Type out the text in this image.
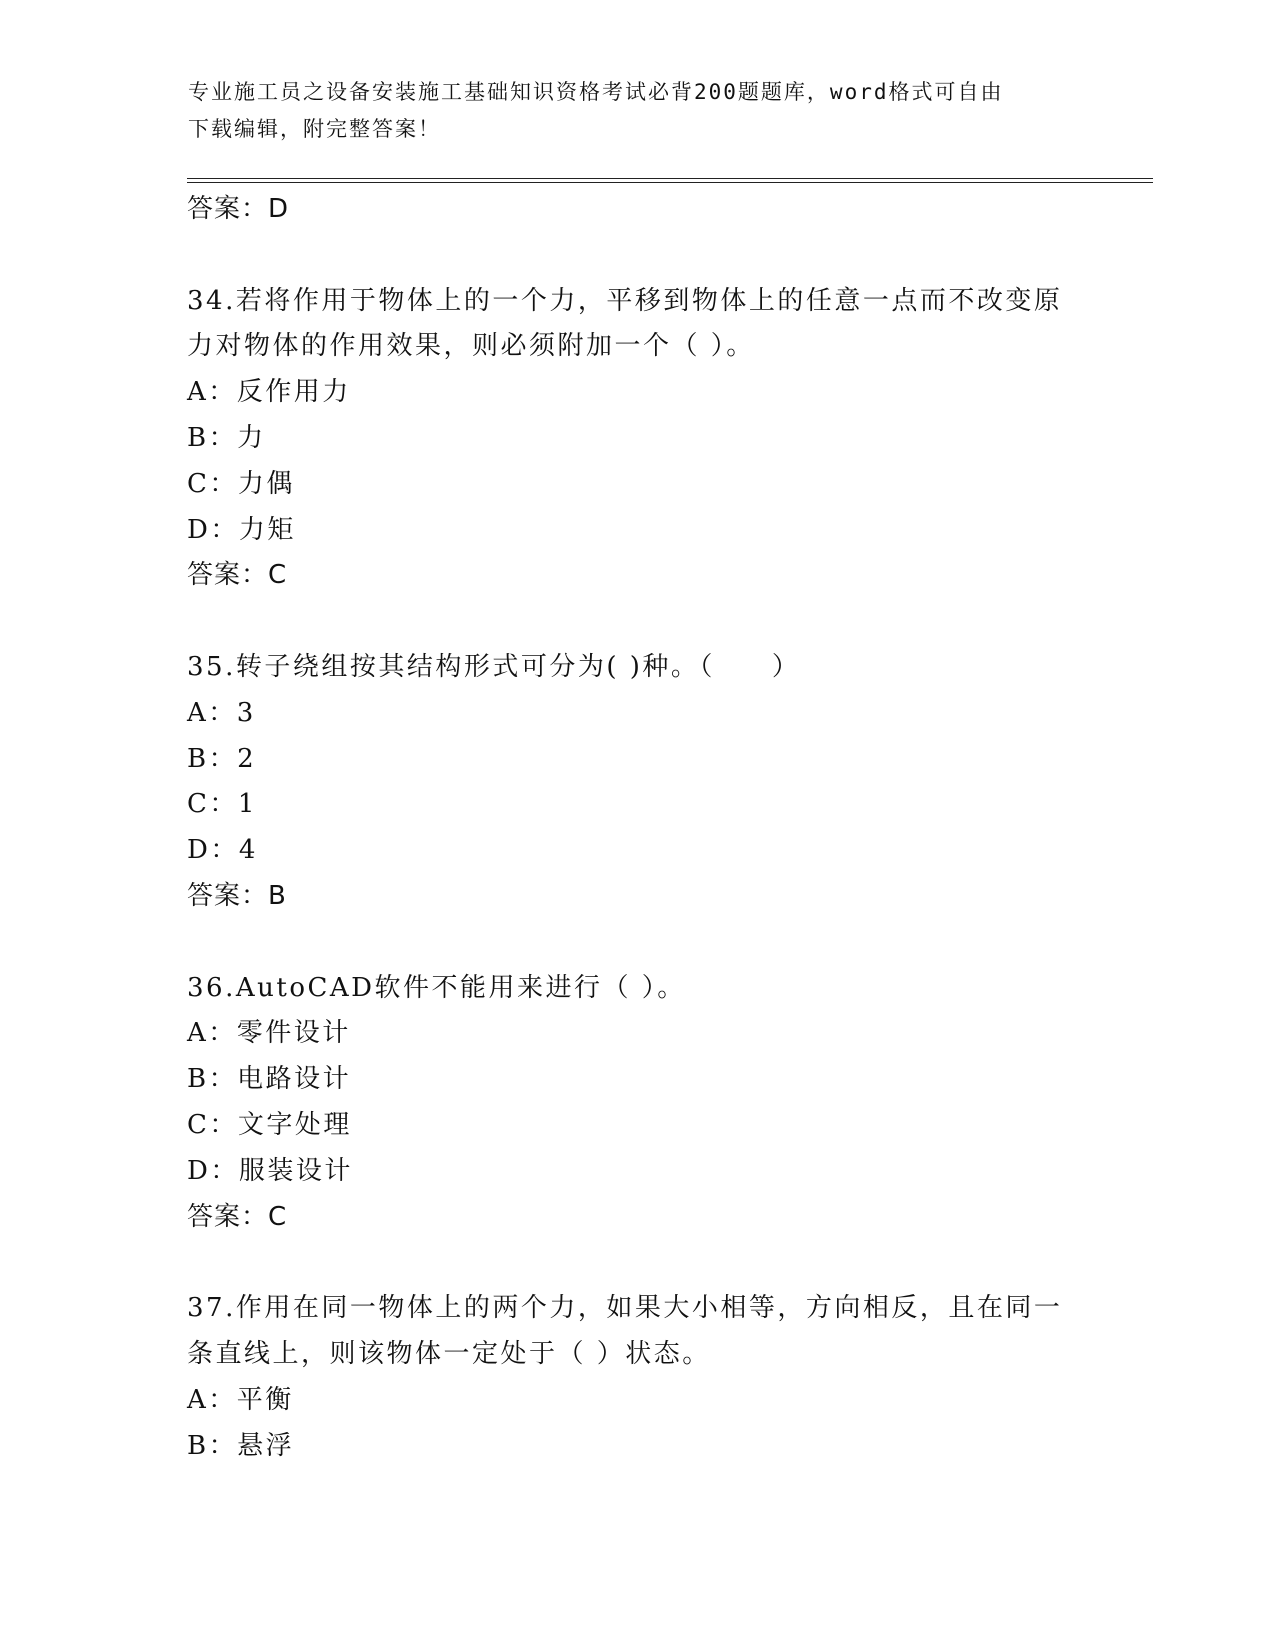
专业施工员之设备安装施工基础知识资格考试必背200题题库，word格式可自由
下载编辑，附完整答案！
答案：D
34.若将作用于物体上的一个力，平移到物体上的任意一点而不改变原
力对物体的作用效果，则必须附加一个（ ）。
A：反作用力
B：力
C：力偶
D：力矩
答案：C
35.转子绕组按其结构形式可分为( )种。（　　）
A：3
B：2
C：1
D：4
答案：B
36.AutoCAD软件不能用来进行（ ）。
A：零件设计
B：电路设计
C：文字处理
D：服装设计
答案：C
37.作用在同一物体上的两个力，如果大小相等，方向相反，且在同一
条直线上，则该物体一定处于（ ）状态。
A：平衡
B：悬浮
